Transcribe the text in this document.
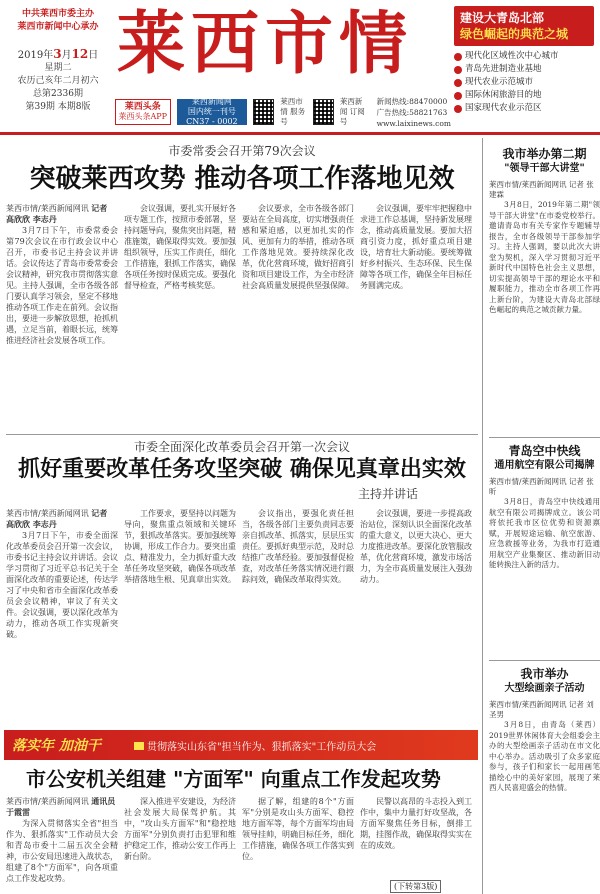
中共莱西市委主办
莱西市新闻中心承办
2019年3月12日
星期二
农历己亥年二月初六
总第2336期
第39期 本期8版
莱西市情	建设大青岛北部
绿色崛起的典范之城
现代化区域性次中心城市
青岛先进制造业基地
现代农业示范城市
国际休闲旅游目的地
国家现代农业示范区
莱西头条
莱西头条APP
莱西新闻网
国内统一刊号
CN37 - 0002
莱西市情 服务号
莱西新闻 订阅号
新闻热线:88470000
广告热线:58821763
www.laixinews.com
市委常委会召开第79次会议
突破莱西攻势 推动各项工作落地见效
莱西市情/莱西新闻网讯 记者 高欣欣 李志丹

3月7日下午，市委常委会第79次会议在市行政会议中心召开，市委书记主持会议并讲话。会议传达了青岛市委常委会会议精神，研究我市贯彻落实意见。主持人强调，全市各级各部门要认真学习领会，坚定不移地推动各项工作走在前列。会议指出，要进一步解放思想，抢抓机遇，立足当前，着眼长远，统筹推进经济社会发展各项工作。

会议强调，要扎实开展好各项专题工作，按照市委部署，坚持问题导向，聚焦突出问题，精准施策，确保取得实效。要加强组织领导，压实工作责任，细化工作措施，狠抓工作落实，确保各项任务按时保质完成。要强化督导检查，严格考核奖惩。

会议要求，全市各级各部门要站在全局高度，切实增强责任感和紧迫感，以更加扎实的作风、更加有力的举措，推动各项工作落地见效。要持续深化改革，优化营商环境，做好招商引资和项目建设工作，为全市经济社会高质量发展提供坚强保障。

会议强调，要牢牢把握稳中求进工作总基调，坚持新发展理念，推动高质量发展。要加大招商引资力度，抓好重点项目建设，培育壮大新动能。要统筹做好乡村振兴、生态环保、民生保障等各项工作，确保全年目标任务圆满完成。

市委全面深化改革委员会召开第一次会议
抓好重要改革任务攻坚突破 确保见真章出实效
主持并讲话
莱西市情/莱西新闻网讯 记者 高欣欣 李志丹

3月7日下午，市委全面深化改革委员会召开第一次会议，市委书记主持会议并讲话。会议学习贯彻了习近平总书记关于全面深化改革的重要论述，传达学习了中央和省市全面深化改革委员会会议精神，审议了有关文件。会议强调，要以深化改革为动力，推动各项工作实现新突破。

工作要求，要坚持以问题为导向，聚焦重点领域和关键环节，狠抓改革落实。要加强统筹协调，形成工作合力。要突出重点、精准发力，全力抓好重大改革任务攻坚突破，确保各项改革举措落地生根、见真章出实效。

会议指出，要强化责任担当，各级各部门主要负责同志要亲自抓改革、抓落实，层层压实责任。要抓好典型示范，及时总结推广改革经验。要加强督促检查，对改革任务落实情况进行跟踪问效，确保改革取得实效。

会议强调，要进一步提高政治站位，深刻认识全面深化改革的重大意义，以更大决心、更大力度推进改革。要深化放管服改革，优化营商环境，激发市场活力，为全市高质量发展注入强劲动力。

落实年 加油干	贯彻落实山东省"担当作为、狠抓落实"工作动员大会
市公安机关组建 "方面军" 向重点工作发起攻势
莱西市情/莱西新闻网讯 通讯员 于霞雷

为深入贯彻落实全省"担当作为、狠抓落实"工作动员大会和青岛市委十二届五次全会精神，市公安局迅速进入战状态，组建了8个"方面军"，向各项重点工作发起攻势。

深入推进平安建设，为经济社会发展大局保驾护航。其中，"攻山头方面军"和"稳控地方面军"分别负责打击犯罪和维护稳定工作，推动公安工作再上新台阶。

据了解，组建的8个"方面军"分别是攻山头方面军、稳控地方面军等，每个方面军均由局领导挂帅，明确目标任务，细化工作措施，确保各项工作落实到位。

民警以高昂的斗志投入到工作中，集中力量打好攻坚战，各方面军聚焦任务目标，倒排工期，挂图作战，确保取得实实在在的成效。

(下转第3版)
我市举办第二期
"领导干部大讲堂"
莱西市情/莱西新闻网讯 记者 张建霖

3月8日，2019年第二期"领导干部大讲堂"在市委党校举行。邀请青岛市有关专家作专题辅导报告，全市各级领导干部参加学习。主持人强调，要以此次大讲堂为契机，深入学习贯彻习近平新时代中国特色社会主义思想，切实提高领导干部的理论水平和履职能力，推动全市各项工作再上新台阶，为建设大青岛北部绿色崛起的典范之城贡献力量。

青岛空中快线
通用航空有限公司揭牌
莱西市情/莱西新闻网讯 记者 张昕

3月8日，青岛空中快线通用航空有限公司揭牌成立。该公司将依托我市区位优势和资源禀赋，开展短途运输、航空旅游、应急救援等业务，为我市打造通用航空产业集聚区、推动新旧动能转换注入新的活力。

我市举办
大型绘画亲子活动
莱西市情/莱西新闻网讯 记者 刘圣男

3月8日，由青岛（莱西）2019世界休闲体育大会组委会主办的大型绘画亲子活动在市文化中心举办。活动吸引了众多家庭参与，孩子们和家长一起用画笔描绘心中的美好家园，展现了莱西人民喜迎盛会的热情。
